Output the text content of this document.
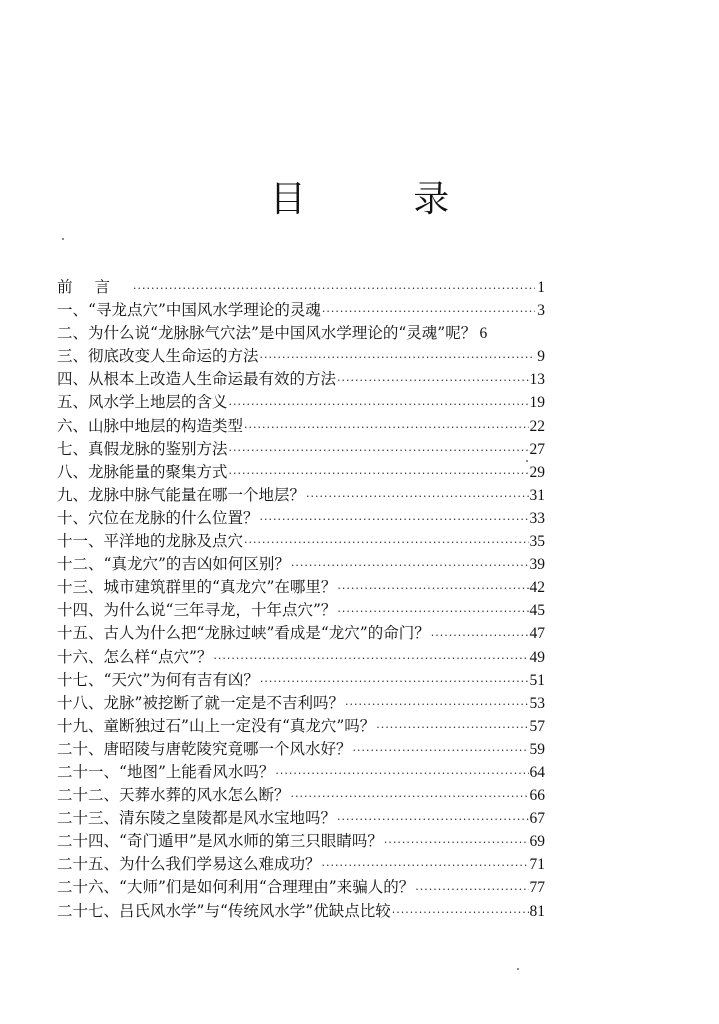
目 录
前言 ·····	1
一、 “寻龙点穴”中国风水学理论的灵魂 ·····	3
二、 为什么说“龙脉脉气穴法”是中国风水学理论的“灵魂”呢？ 6
三、 彻底改变人生命运的方法 ·····	9
四、 从根本上改造人生命运最有效的方法 ·····	13
五、 风水学上地层的含义 ·····	19
六、 山脉中地层的构造类型 ·····	22
七、 真假龙脉的鉴别方法 ·····	27
八、 龙脉能量的聚集方式 ·····	29
九、 龙脉中脉气能量在哪一个地层？ ·····	31
十、 穴位在龙脉的什么位置？ ·····	33
十一、 平洋地的龙脉及点穴 ·····	35
十二、 “真龙穴”的吉凶如何区别？ ·····	39
十三、 城市建筑群里的“真龙穴”在哪里？ ·····	42
十四、 为什么说“三年寻龙，十年点穴”？ ·····	45
十五、 古人为什么把“龙脉过峡”看成是“龙穴”的命门？ ·····	47
十六、 怎么样“点穴”？ ·····	49
十七、 “天穴”为何有吉有凶？ ·····	51
十八、 龙脉”被挖断了就一定是不吉利吗？ ·····	53
十九、 童断独过石”山上一定没有“真龙穴”吗？ ·····	57
二十、 唐昭陵与唐乾陵究竟哪一个风水好？ ·····	59
二十一、 “地图”上能看风水吗？ ·····	64
二十二、 天葬水葬的风水怎么断？ ·····	66
二十三、 清东陵之皇陵都是风水宝地吗？ ·····	67
二十四、 “奇门遁甲”是风水师的第三只眼睛吗？ ·····	69
二十五、 为什么我们学易这么难成功？ ·····	71
二十六、 “大师”们是如何利用“合理理由”来骗人的？ ·····	77
二十七、 吕氏风水学”与“传统风水学”优缺点比较 ·····	81
